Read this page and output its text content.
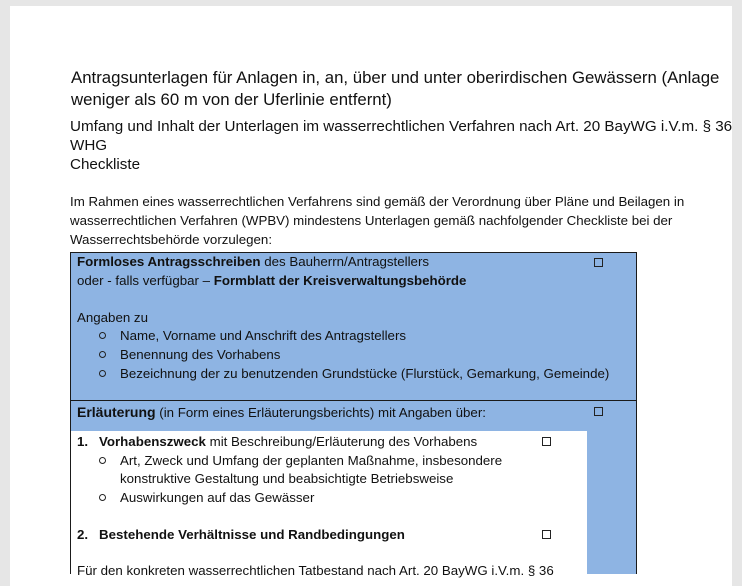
Antragsunterlagen für Anlagen in, an, über und unter oberirdischen Gewässern (Anlage
weniger als 60 m von der Uferlinie entfernt)
Umfang und Inhalt der Unterlagen im wasserrechtlichen Verfahren nach Art. 20 BayWG i.V.m. § 36
WHG
Checkliste
Im Rahmen eines wasserrechtlichen Verfahrens sind gemäß der Verordnung über Pläne und Beilagen in
wasserrechtlichen Verfahren (WPBV) mindestens Unterlagen gemäß nachfolgender Checkliste bei der
Wasserrechtsbehörde vorzulegen:
Formloses Antragsschreiben des Bauherrn/Antragstellers
oder - falls verfügbar – Formblatt der Kreisverwaltungsbehörde
Angaben zu
Name, Vorname und Anschrift des Antragstellers
Benennung des Vorhabens
Bezeichnung der zu benutzenden Grundstücke (Flurstück, Gemarkung, Gemeinde)
Erläuterung (in Form eines Erläuterungsberichts) mit Angaben über:
1. Vorhabenszweck mit Beschreibung/Erläuterung des Vorhabens
Art, Zweck und Umfang der geplanten Maßnahme, insbesondere
konstruktive Gestaltung und beabsichtigte Betriebsweise
Auswirkungen auf das Gewässer
2. Bestehende Verhältnisse und Randbedingungen
Für den konkreten wasserrechtlichen Tatbestand nach Art. 20 BayWG i.V.m. § 36
